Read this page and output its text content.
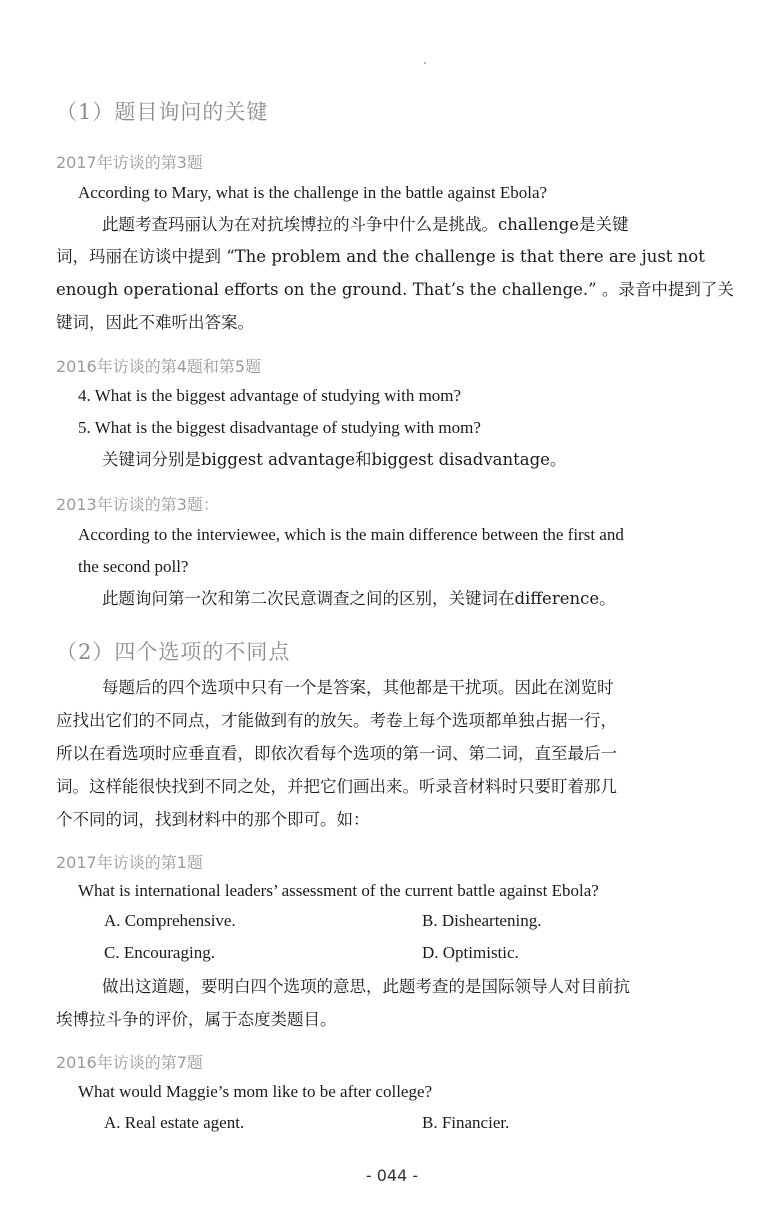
（1）题目询问的关键
2017年访谈的第3题
According to Mary, what is the challenge in the battle against Ebola?
此题考查玛丽认为在对抗埃博拉的斗争中什么是挑战。challenge是关键
词，玛丽在访谈中提到 “The problem and the challenge is that there are just not
enough operational efforts on the ground. That’s the challenge.” 。录音中提到了关
键词，因此不难听出答案。
2016年访谈的第4题和第5题
4. What is the biggest advantage of studying with mom?
5. What is the biggest disadvantage of studying with mom?
关键词分别是biggest advantage和biggest disadvantage。
2013年访谈的第3题：
According to the interviewee, which is the main difference between the first and
the second poll?
此题询问第一次和第二次民意调查之间的区别，关键词在difference。
（2）四个选项的不同点
每题后的四个选项中只有一个是答案，其他都是干扰项。因此在浏览时
应找出它们的不同点，才能做到有的放矢。考卷上每个选项都单独占据一行，
所以在看选项时应垂直看，即依次看每个选项的第一词、第二词，直至最后一
词。这样能很快找到不同之处，并把它们画出来。听录音材料时只要盯着那几
个不同的词，找到材料中的那个即可。如：
2017年访谈的第1题
What is international leaders’ assessment of the current battle against Ebola?
A. Comprehensive.	B. Disheartening.
C. Encouraging.	D. Optimistic.
做出这道题，要明白四个选项的意思，此题考查的是国际领导人对目前抗
埃博拉斗争的评价，属于态度类题目。
2016年访谈的第7题
What would Maggie’s mom like to be after college?
A. Real estate agent.	B. Financier.
- 044 -
